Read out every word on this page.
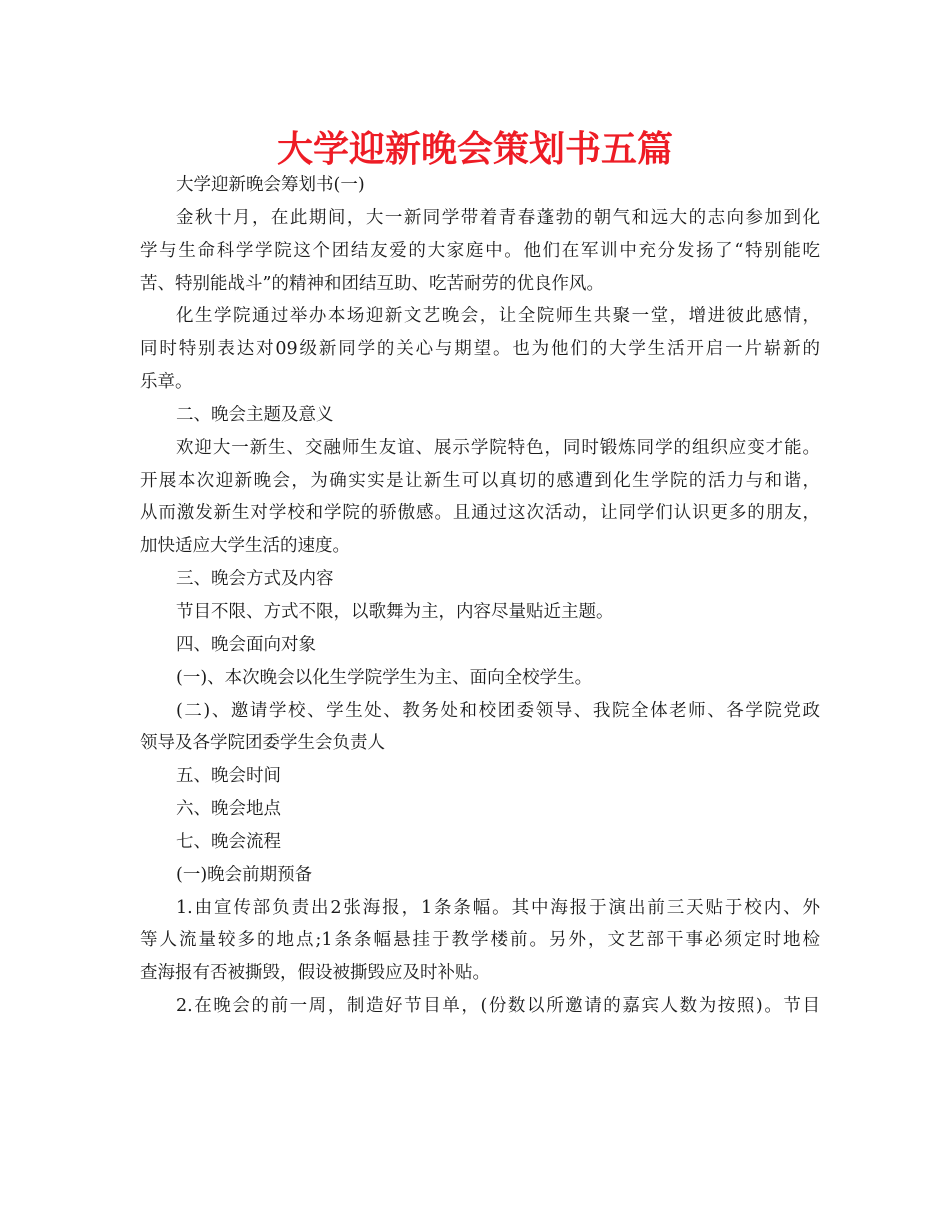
大学迎新晚会策划书五篇
大学迎新晚会筹划书(一)
金秋十月，在此期间，大一新同学带着青春蓬勃的朝气和远大的志向参加到化
学与生命科学学院这个团结友爱的大家庭中。他们在军训中充分发扬了“特别能吃
苦、特别能战斗”的精神和团结互助、吃苦耐劳的优良作风。
化生学院通过举办本场迎新文艺晚会，让全院师生共聚一堂，增进彼此感情，
同时特别表达对09级新同学的关心与期望。也为他们的大学生活开启一片崭新的
乐章。
二、晚会主题及意义
欢迎大一新生、交融师生友谊、展示学院特色，同时锻炼同学的组织应变才能。
开展本次迎新晚会，为确实实是让新生可以真切的感遭到化生学院的活力与和谐，
从而激发新生对学校和学院的骄傲感。且通过这次活动，让同学们认识更多的朋友，
加快适应大学生活的速度。
三、晚会方式及内容
节目不限、方式不限，以歌舞为主，内容尽量贴近主题。
四、晚会面向对象
(一)、本次晚会以化生学院学生为主、面向全校学生。
(二)、邀请学校、学生处、教务处和校团委领导、我院全体老师、各学院党政
领导及各学院团委学生会负责人
五、晚会时间
六、晚会地点
七、晚会流程
(一)晚会前期预备
1.由宣传部负责出2张海报，1条条幅。其中海报于演出前三天贴于校内、外
等人流量较多的地点;1条条幅悬挂于教学楼前。另外，文艺部干事必须定时地检
查海报有否被撕毁，假设被撕毁应及时补贴。
2.在晚会的前一周，制造好节目单，(份数以所邀请的嘉宾人数为按照)。节目
